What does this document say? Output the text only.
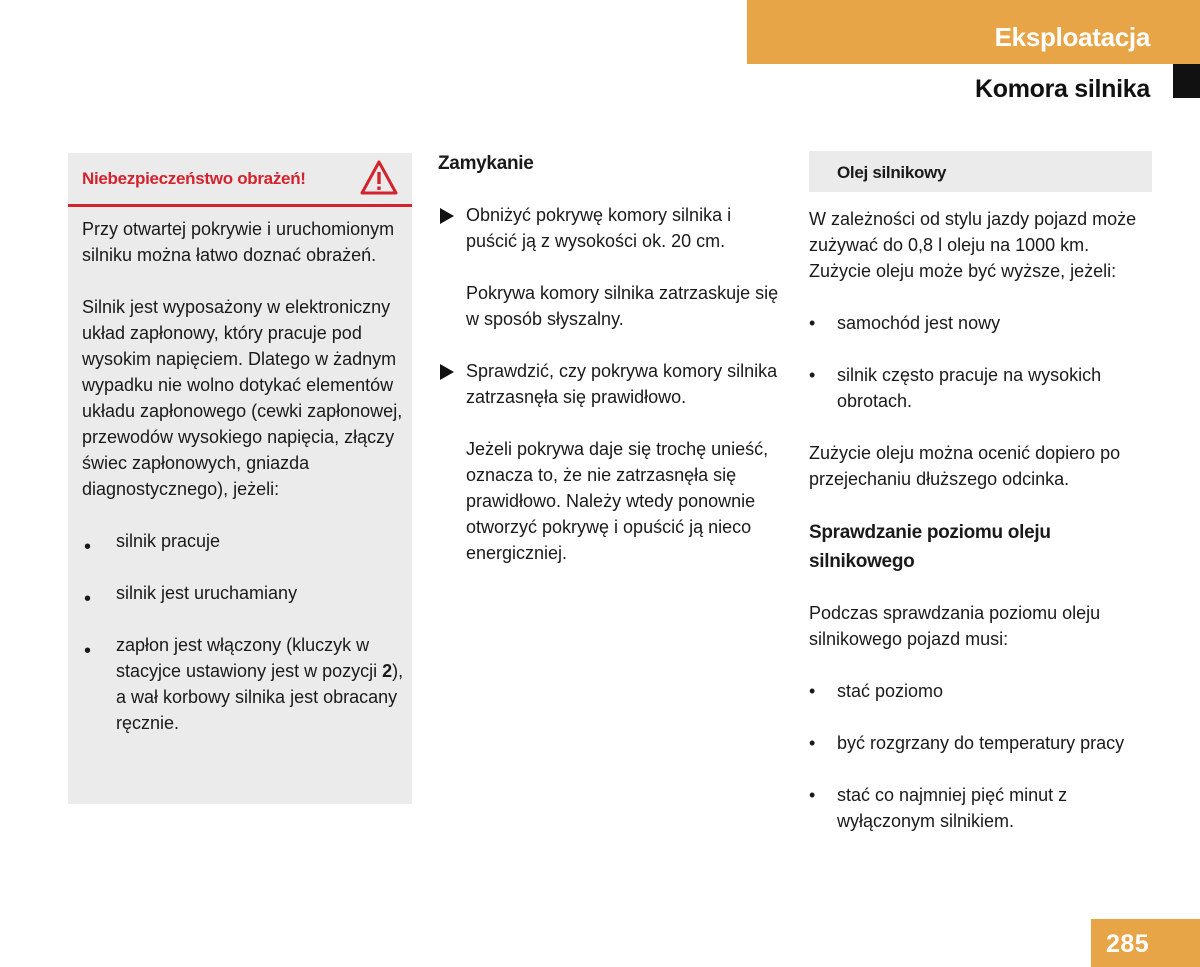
Eksploatacja
Komora silnika
Niebezpieczeństwo obrażeń!

Przy otwartej pokrywie i uruchomionym silniku można łatwo doznać obrażeń.

Silnik jest wyposażony w elektroniczny układ zapłonowy, który pracuje pod wysokim napięciem. Dlatego w żadnym wypadku nie wolno dotykać elementów układu zapłonowego (cewki zapłonowej, przewodów wysokiego napięcia, złączy świec zapłonowych, gniazda diagnostycznego), jeżeli:

• silnik pracuje
• silnik jest uruchamiany
• zapłon jest włączony (kluczyk w stacyjce ustawiony jest w pozycji 2), a wał korbowy silnika jest obracany ręcznie.
Zamykanie
Obniżyć pokrywę komory silnika i puścić ją z wysokości ok. 20 cm.
Pokrywa komory silnika zatrzaskuje się w sposób słyszalny.
Sprawdzić, czy pokrywa komory silnika zatrzasnęła się prawidłowo.
Jeżeli pokrywa daje się trochę unieść, oznacza to, że nie zatrzasnęła się prawidłowo. Należy wtedy ponownie otworzyć pokrywę i opuścić ją nieco energiczniej.
Olej silnikowy

W zależności od stylu jazdy pojazd może zużywać do 0,8 l oleju na 1000 km. Zużycie oleju może być wyższe, jeżeli:

• samochód jest nowy
• silnik często pracuje na wysokich obrotach.

Zużycie oleju można ocenić dopiero po przejechaniu dłuższego odcinka.

Sprawdzanie poziomu oleju silnikowego

Podczas sprawdzania poziomu oleju silnikowego pojazd musi:

• stać poziomo
• być rozgrzany do temperatury pracy
• stać co najmniej pięć minut z wyłączonym silnikiem.
285
